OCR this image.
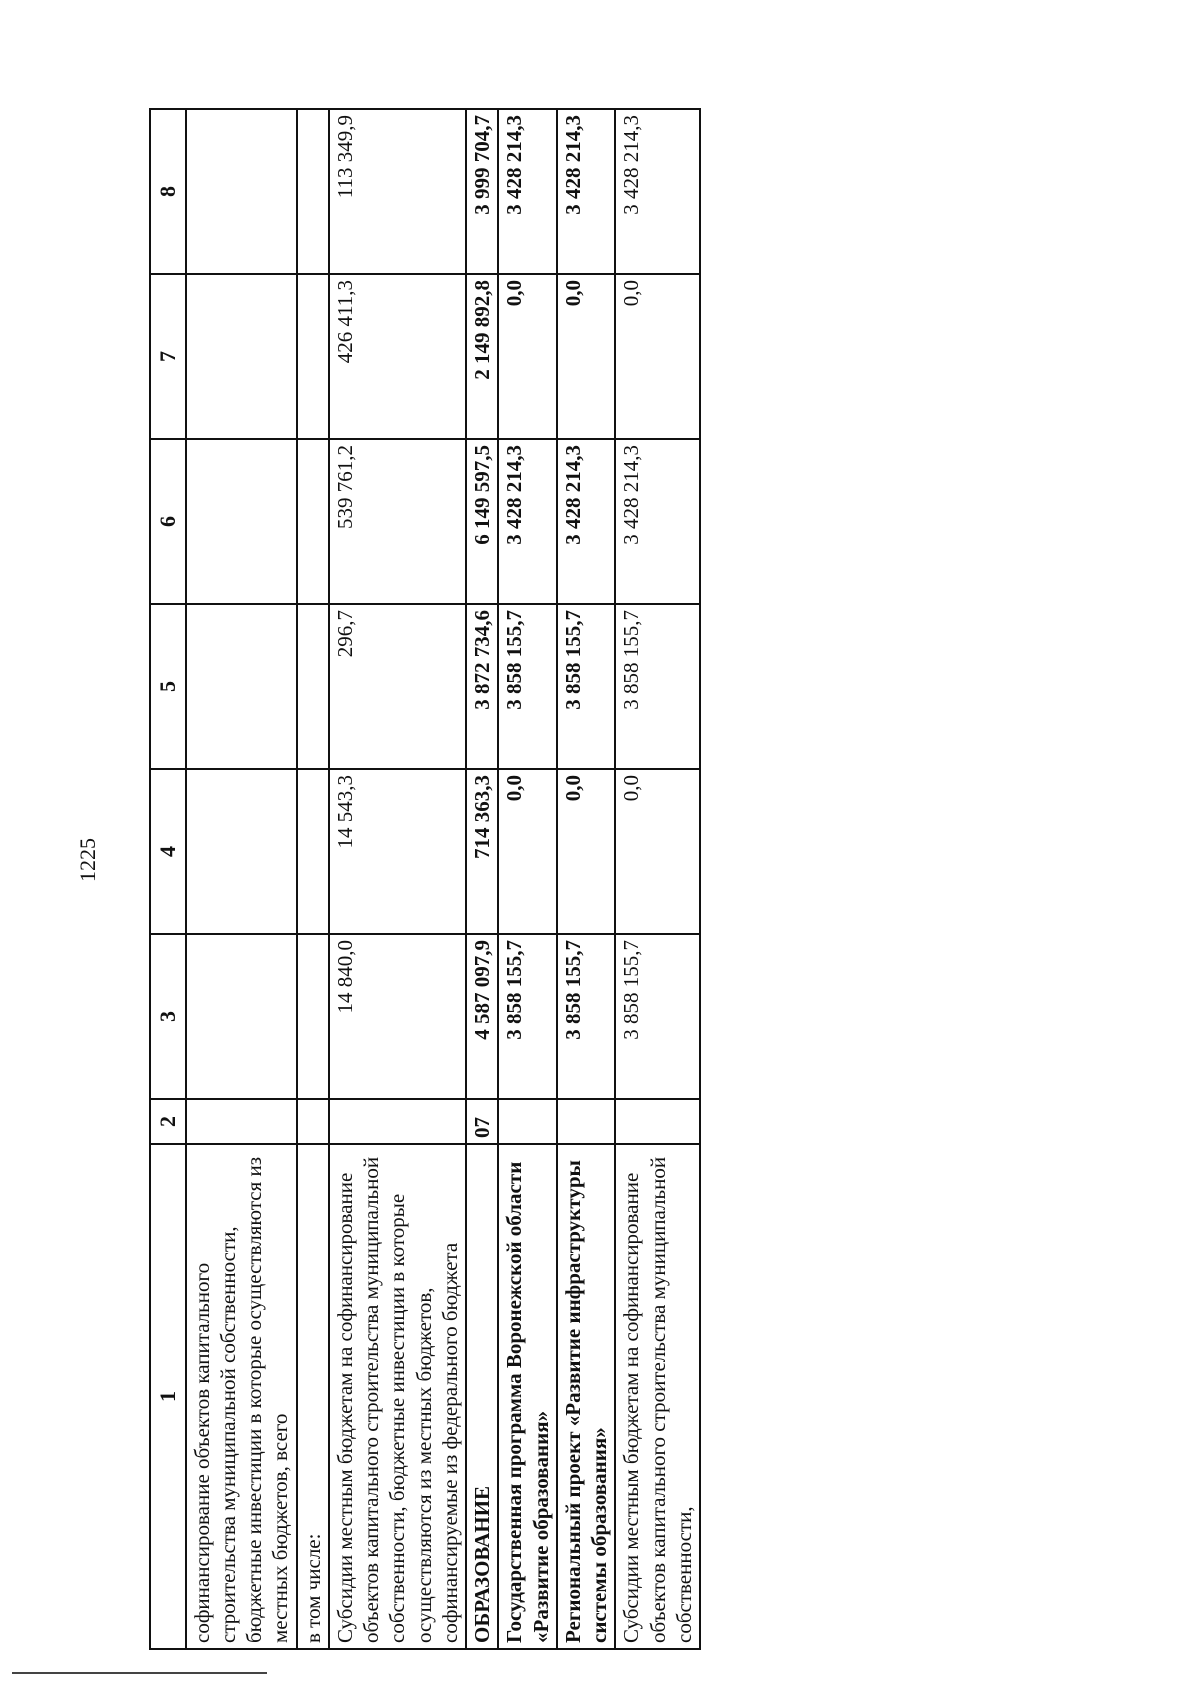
1225
1	2	3	4	5	6	7	8
софинансирование объектов капитального строительства муниципальной собственности, бюджетные инвестиции в которые осуществляются из местных бюджетов, всего							
в том числе:							
Субсидии местным бюджетам на софинансирование объектов капитального строительства муниципальной собственности, бюджетные инвестиции в которые осуществляются из местных бюджетов, софинансируемые из федерального бюджета		14 840,0	14 543,3	296,7	539 761,2	426 411,3	113 349,9
ОБРАЗОВАНИЕ	07	4 587 097,9	714 363,3	3 872 734,6	6 149 597,5	2 149 892,8	3 999 704,7
Государственная программа Воронежской области «Развитие образования»		3 858 155,7	0,0	3 858 155,7	3 428 214,3	0,0	3 428 214,3
Региональный проект «Развитие инфраструктуры системы образования»		3 858 155,7	0,0	3 858 155,7	3 428 214,3	0,0	3 428 214,3
Субсидии местным бюджетам на софинансирование объектов капитального строительства муниципальной собственности,		3 858 155,7	0,0	3 858 155,7	3 428 214,3	0,0	3 428 214,3
